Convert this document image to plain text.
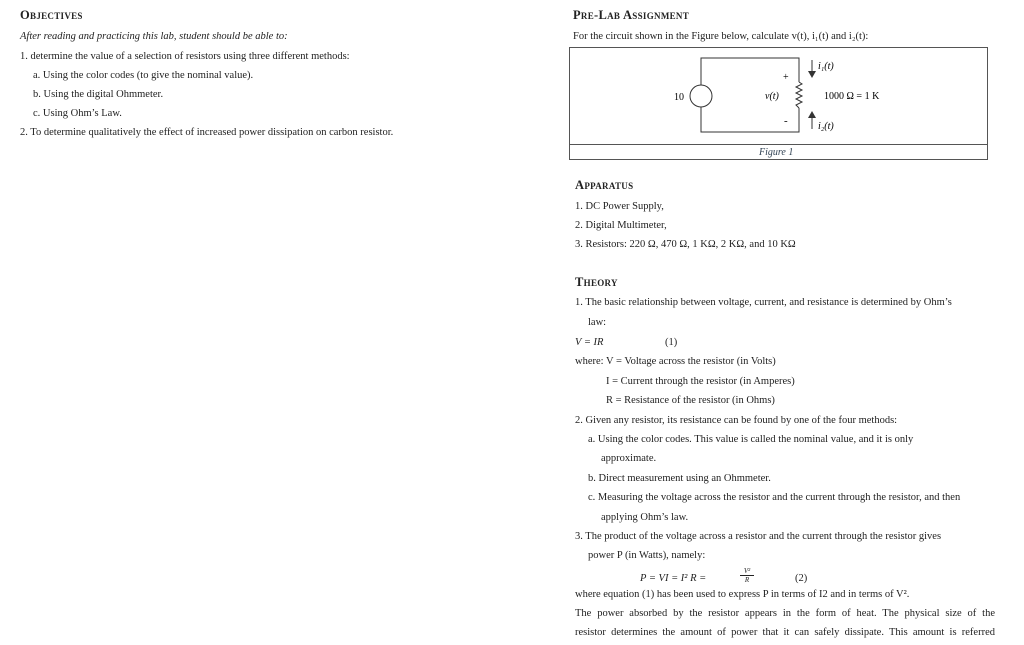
Objectives
After reading and practicing this lab, student should be able to:
1. determine the value of a selection of resistors using three different methods:
a. Using the color codes (to give the nominal value).
b. Using the digital Ohmmeter.
c. Using Ohm’s Law.
2. To determine qualitatively the effect of increased power dissipation on carbon resistor.
Pre-Lab Assignment
For the circuit shown in the Figure below, calculate v(t), i₁(t) and i₂(t):
10
+
-
v(t)	1000 Ω = 1 K
i₁(t)
i₂(t)
Figure 1
Apparatus
1. DC Power Supply,
2. Digital Multimeter,
3. Resistors: 220 Ω, 470 Ω, 1 KΩ, 2 KΩ, and 10 KΩ
Theory
1. The basic relationship between voltage, current, and resistance is determined by Ohm’s
law:
V = IR	(1)
where: V = Voltage across the resistor (in Volts)
I = Current through the resistor (in Amperes)
R = Resistance of the resistor (in Ohms)
2. Given any resistor, its resistance can be found by one of the four methods:
a. Using the color codes. This value is called the nominal value, and it is only
approximate.
b. Direct measurement using an Ohmmeter.
c. Measuring the voltage across the resistor and the current through the resistor, and then
applying Ohm’s law.
3. The product of the voltage across a resistor and the current through the resistor gives
power P (in Watts), namely:
P = VI = I² R =	$\frac{\text{V²}}{R}$	(2)
where equation (1) has been used to express P in terms of I2 and in terms of V².
The power absorbed by the resistor appears in the form of heat. The physical size of the
resistor determines the amount of power that it can safely dissipate. This amount is referred
